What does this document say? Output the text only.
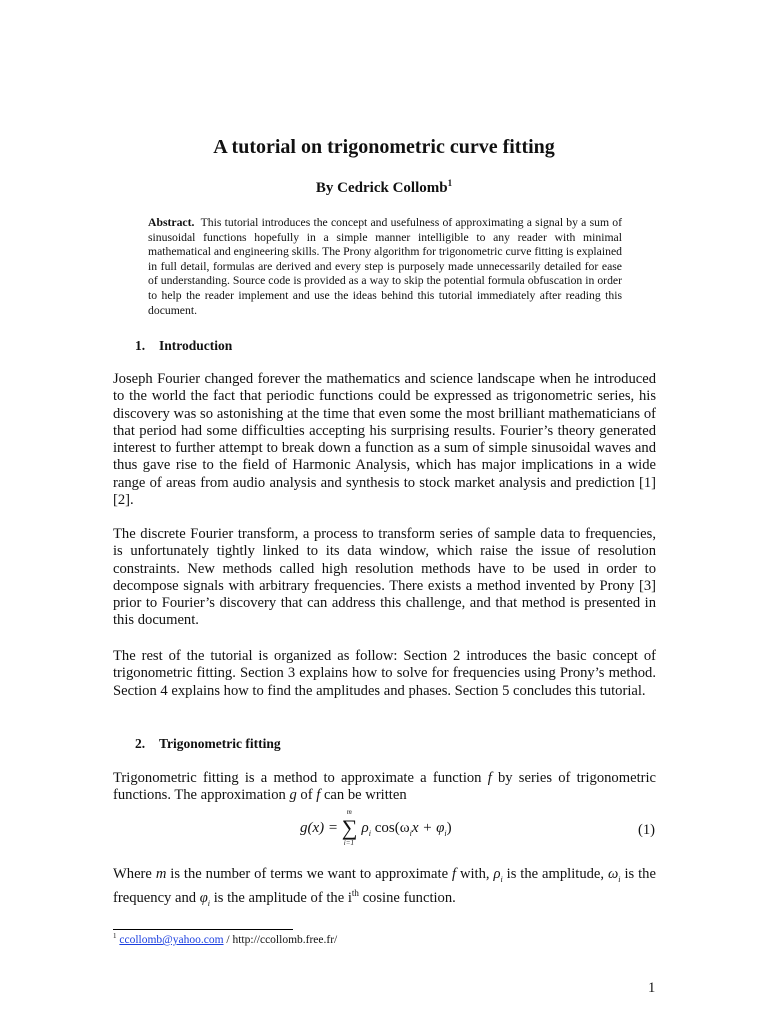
A tutorial on trigonometric curve fitting
By Cedrick Collomb$^1$
Abstract. This tutorial introduces the concept and usefulness of approximating a signal by a sum of sinusoidal functions hopefully in a simple manner intelligible to any reader with minimal mathematical and engineering skills. The Prony algorithm for trigonometric curve fitting is explained in full detail, formulas are derived and every step is purposely made unnecessarily detailed for ease of understanding. Source code is provided as a way to skip the potential formula obfuscation in order to help the reader implement and use the ideas behind this tutorial immediately after reading this document.
1. Introduction
Joseph Fourier changed forever the mathematics and science landscape when he introduced to the world the fact that periodic functions could be expressed as trigonometric series, his discovery was so astonishing at the time that even some the most brilliant mathematicians of that period had some difficulties accepting his surprising results. Fourier’s theory generated interest to further attempt to break down a function as a sum of simple sinusoidal waves and thus gave rise to the field of Harmonic Analysis, which has major implications in a wide range of areas from audio analysis and synthesis to stock market analysis and prediction [1][2].
The discrete Fourier transform, a process to transform series of sample data to frequencies, is unfortunately tightly linked to its data window, which raise the issue of resolution constraints. New methods called high resolution methods have to be used in order to decompose signals with arbitrary frequencies. There exists a method invented by Prony [3] prior to Fourier’s discovery that can address this challenge, and that method is presented in this document.
The rest of the tutorial is organized as follow: Section 2 introduces the basic concept of trigonometric fitting. Section 3 explains how to solve for frequencies using Prony’s method. Section 4 explains how to find the amplitudes and phases. Section 5 concludes this tutorial.
2. Trigonometric fitting
Trigonometric fitting is a method to approximate a function f by series of trigonometric functions. The approximation g of f can be written
g(x) =
m
∑
i=1
$\rho_i$ $\cos(\omega_ix + \varphi_i)$	(1)
Where m is the number of terms we want to approximate f with, $\rho_i$ is the amplitude, $\omega_i$ is the frequency and $\varphi_i$ is the amplitude of the $i^{th}$ cosine function.
$^1$ ccollomb@yahoo.com / http://ccollomb.free.fr/
1
